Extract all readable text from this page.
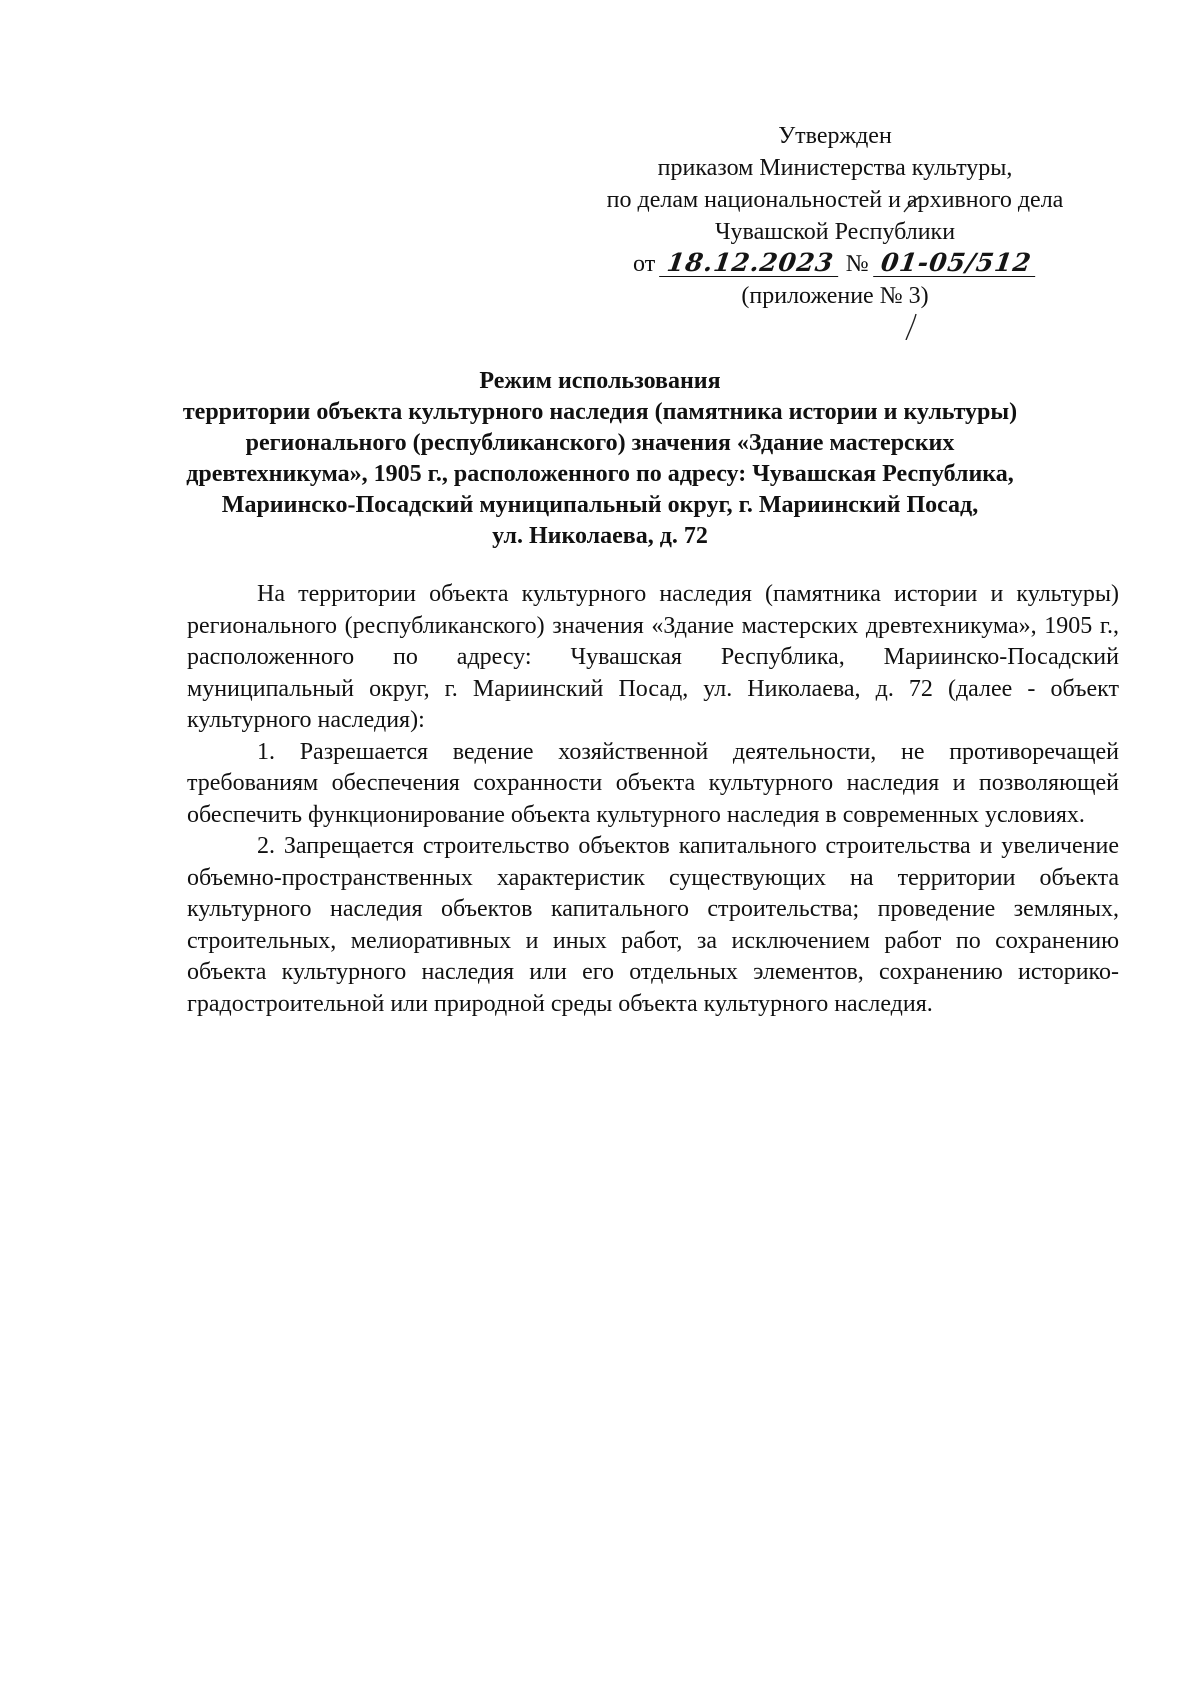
Утвержден
приказом Министерства культуры,
по делам национальностей и архивного дела
Чувашской Республики
от 18.12.2023 № 01-05/512
(приложение № 3)
Режим использования
территории объекта культурного наследия (памятника истории и культуры)
регионального (республиканского) значения «Здание мастерских
древтехникума», 1905 г., расположенного по адресу: Чувашская Республика,
Мариинско-Посадский муниципальный округ, г. Мариинский Посад,
ул. Николаева, д. 72

На территории объекта культурного наследия (памятника истории и культуры) регионального (республиканского) значения «Здание мастерских древтехникума», 1905 г., расположенного по адресу: Чувашская Республика, Мариинско-Посадский муниципальный округ, г. Мариинский Посад, ул. Николаева, д. 72 (далее - объект культурного наследия):

1. Разрешается ведение хозяйственной деятельности, не противоречащей требованиям обеспечения сохранности объекта культурного наследия и позволяющей обеспечить функционирование объекта культурного наследия в современных условиях.

2. Запрещается строительство объектов капитального строительства и увеличение объемно-пространственных характеристик существующих на территории объекта культурного наследия объектов капитального строительства; проведение земляных, строительных, мелиоративных и иных работ, за исключением работ по сохранению объекта культурного наследия или его отдельных элементов, сохранению историко-градостроительной или природной среды объекта культурного наследия.
